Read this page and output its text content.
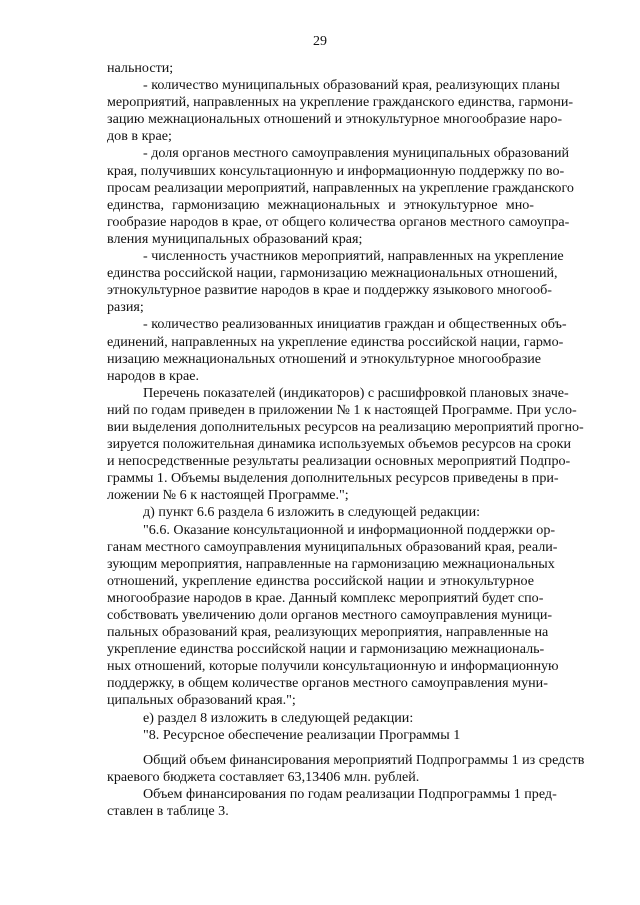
29
нальности;
- количество муниципальных образований края, реализующих планы
мероприятий, направленных на укрепление гражданского единства, гармони-
зацию межнациональных отношений и этнокультурное многообразие наро-
дов в крае;
- доля органов местного самоуправления муниципальных образований
края, получивших консультационную и информационную поддержку по во-
просам реализации мероприятий, направленных на укрепление гражданского
единства, гармонизацию межнациональных и этнокультурное мно-
гообразие народов в крае, от общего количества органов местного самоупра-
вления муниципальных образований края;
- численность участников мероприятий, направленных на укрепление
единства российской нации, гармонизацию межнациональных отношений,
этнокультурное развитие народов в крае и поддержку языкового многооб-
разия;
- количество реализованных инициатив граждан и общественных объ-
единений, направленных на укрепление единства российской нации, гармо-
низацию межнациональных отношений и этнокультурное многообразие
народов в крае.
Перечень показателей (индикаторов) с расшифровкой плановых значе-
ний по годам приведен в приложении № 1 к настоящей Программе. При усло-
вии выделения дополнительных ресурсов на реализацию мероприятий прогно-
зируется положительная динамика используемых объемов ресурсов на сроки
и непосредственные результаты реализации основных мероприятий Подпро-
граммы 1. Объемы выделения дополнительных ресурсов приведены в при-
ложении № 6 к настоящей Программе.";
д) пункт 6.6 раздела 6 изложить в следующей редакции:
"6.6. Оказание консультационной и информационной поддержки ор-
ганам местного самоуправления муниципальных образований края, реали-
зующим мероприятия, направленные на гармонизацию межнациональных
отношений, укрепление единства российской нации и этнокультурное
многообразие народов в крае. Данный комплекс мероприятий будет спо-
собствовать увеличению доли органов местного самоуправления муници-
пальных образований края, реализующих мероприятия, направленные на
укрепление единства российской нации и гармонизацию межнациональ-
ных отношений, которые получили консультационную и информационную
поддержку, в общем количестве органов местного самоуправления муни-
ципальных образований края.";
е) раздел 8 изложить в следующей редакции:
"8. Ресурсное обеспечение реализации Программы 1
Общий объем финансирования мероприятий Подпрограммы 1 из средств
краевого бюджета составляет 63,13406 млн. рублей.
Объем финансирования по годам реализации Подпрограммы 1 пред-
ставлен в таблице 3.
